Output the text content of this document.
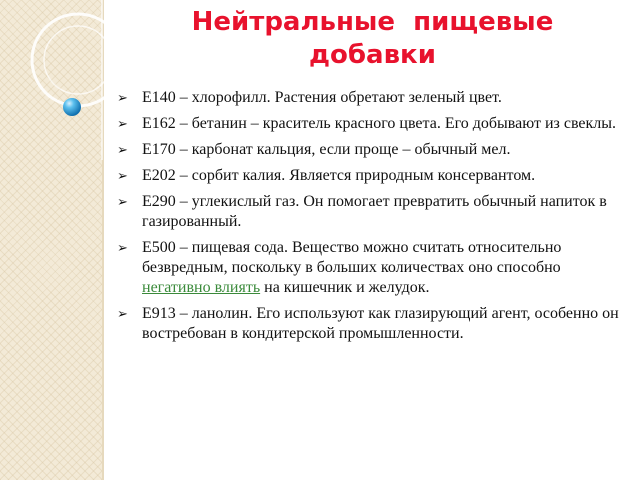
Нейтральные  пищевые
добавки
➢ Е140 – хлорофилл. Растения обретают зеленый цвет.
➢ Е162 – бетанин – краситель красного цвета. Его добывают из свеклы.
➢ Е170 – карбонат кальция, если проще – обычный мел.
➢ Е202 – сорбит калия. Является природным консервантом.
➢ Е290 – углекислый газ. Он помогает превратить обычный напиток в газированный.
➢ Е500 – пищевая сода. Вещество можно считать относительно безвредным, поскольку в больших количествах оно способно негативно влиять на кишечник и желудок.
➢ Е913 – ланолин. Его используют как глазирующий агент, особенно он востребован в кондитерской промышленности.
